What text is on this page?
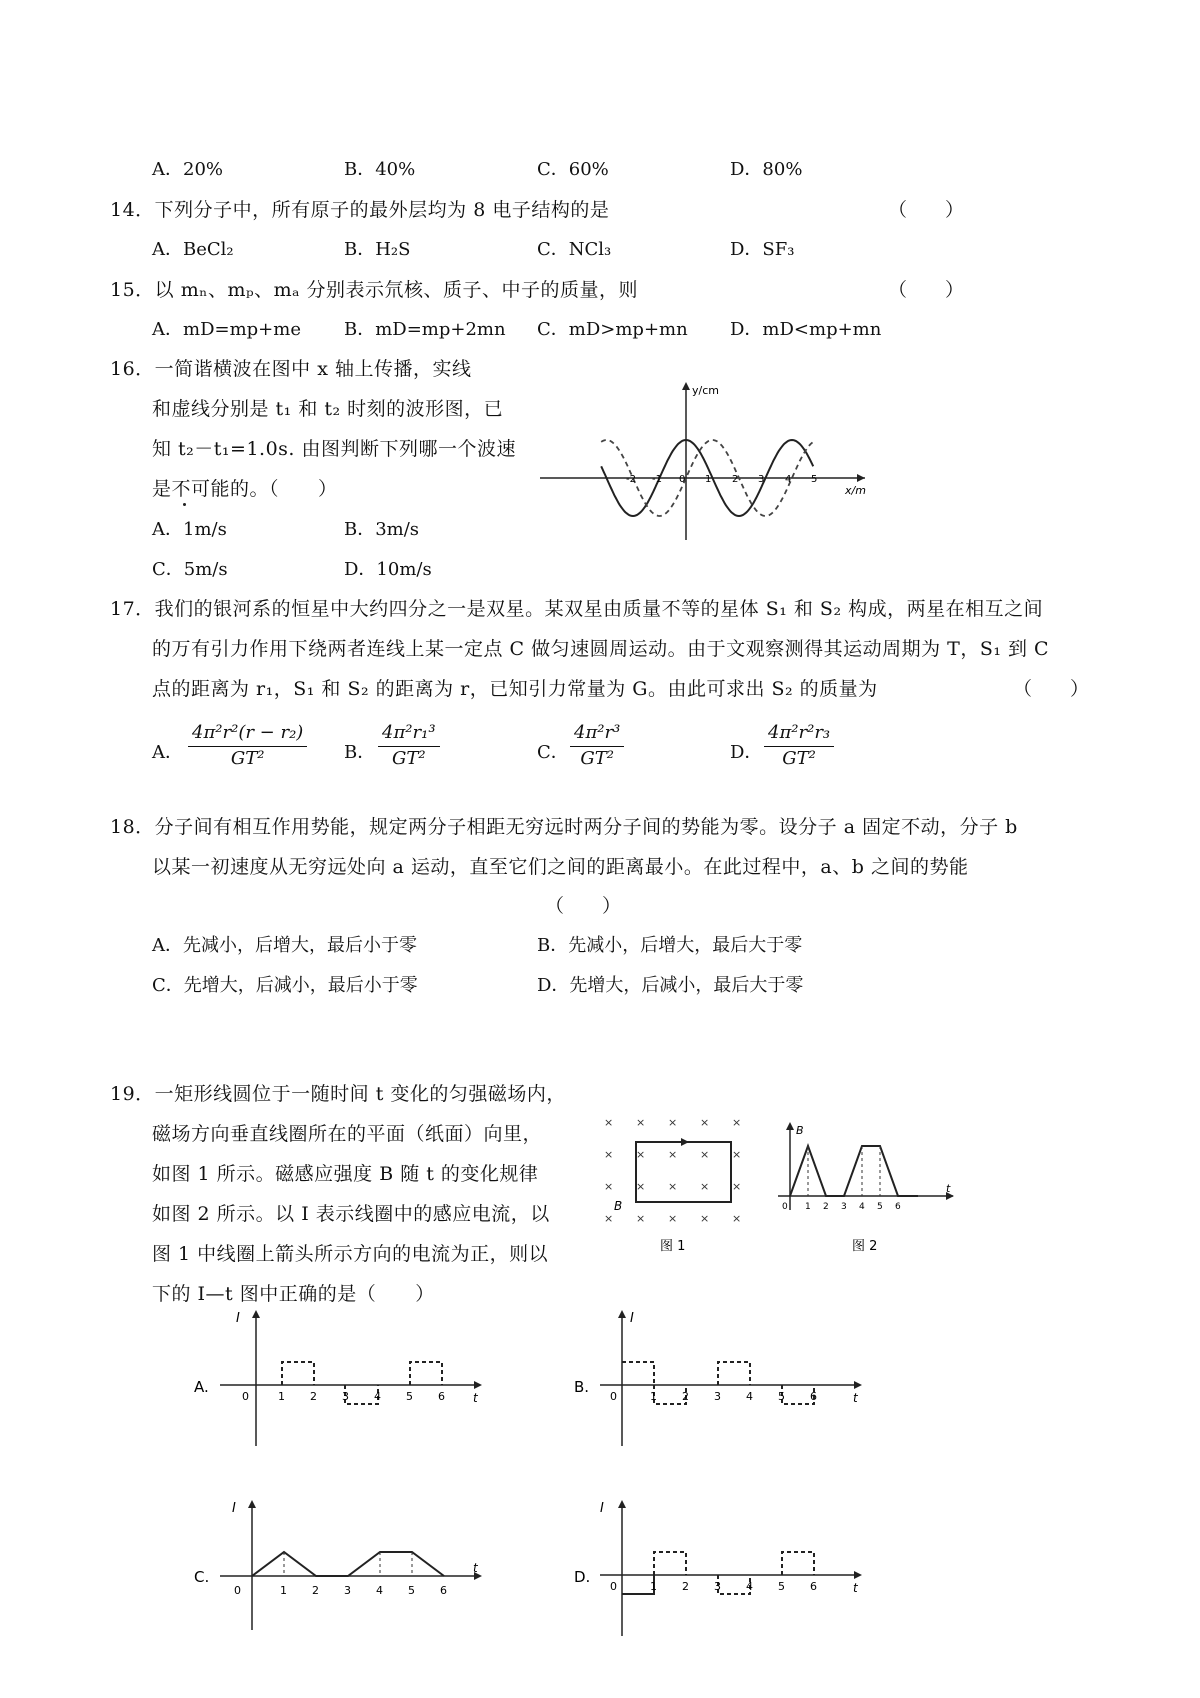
A．20%	B．40%	C．60%	D．80%
14．下列分子中，所有原子的最外层均为 8 电子结构的是	（　　）
A．BeCl₂	B．H₂S	C．NCl₃	D．SF₃
15．以 mₙ、mₚ、mₐ 分别表示氘核、质子、中子的质量，则	（　　）
A．mD=mp+me B．mD=mp+2mn C．mD>mp+mn D．mD<mp+mn
16．一简谐横波在图中 x 轴上传播，实线
和虚线分别是 t₁ 和 t₂ 时刻的波形图，已
知 t₂－t₁=1.0s. 由图判断下列哪一个波速
是不可能的。（　　）
A．1m/s	B．3m/s
C．5m/s	D．10m/s
y/cm
x/m
-2 -1 0 1 2 3 4 5
17．我们的银河系的恒星中大约四分之一是双星。某双星由质量不等的星体 S₁ 和 S₂ 构成，两星在相互之间
的万有引力作用下绕两者连线上某一定点 C 做匀速圆周运动。由于文观察测得其运动周期为 T，S₁ 到 C
点的距离为 r₁，S₁ 和 S₂ 的距离为 r，已知引力常量为 G。由此可求出 S₂ 的质量为	（　　）
A． $\frac{\text{4π²r²(r − r₂)}}{\text{GT²}}$ B． $\frac{\text{4π²r₁³}}{\text{GT²}}$	C． $\frac{\text{4π²r³}}{\text{GT²}}$	D． $\frac{\text{4π²r²r₃}}{\text{GT²}}$
18．分子间有相互作用势能，规定两分子相距无穷远时两分子间的势能为零。设分子 a 固定不动，分子 b
以某一初速度从无穷远处向 a 运动，直至它们之间的距离最小。在此过程中，a、b 之间的势能
（　　）
A．先减小，后增大，最后小于零	B．先减小，后增大，最后大于零
C．先增大，后减小，最后小于零	D．先增大，后减小，最后大于零
19．一矩形线圆位于一随时间 t 变化的匀强磁场内，
磁场方向垂直线圈所在的平面（纸面）向里，
如图 1 所示。磁感应强度 B 随 t 的变化规律
如图 2 所示。以 I 表示线圈中的感应电流，以
图 1 中线圈上箭头所示方向的电流为正，则以
下的 I—t 图中正确的是（　　）
× × × × ×
× × × × ×
× × × × ×
× × × × ×
B
图 1
B
t
0 1 2 3 4 5 6
图 2
A.
I
t
0	1 2 3 4 5 6
B.
I
t
0	1 2 3 4 5 6
C.
I
t
0	1 2 3 4 5 6
D.
I
t
0	1 2 3 4 5 6
